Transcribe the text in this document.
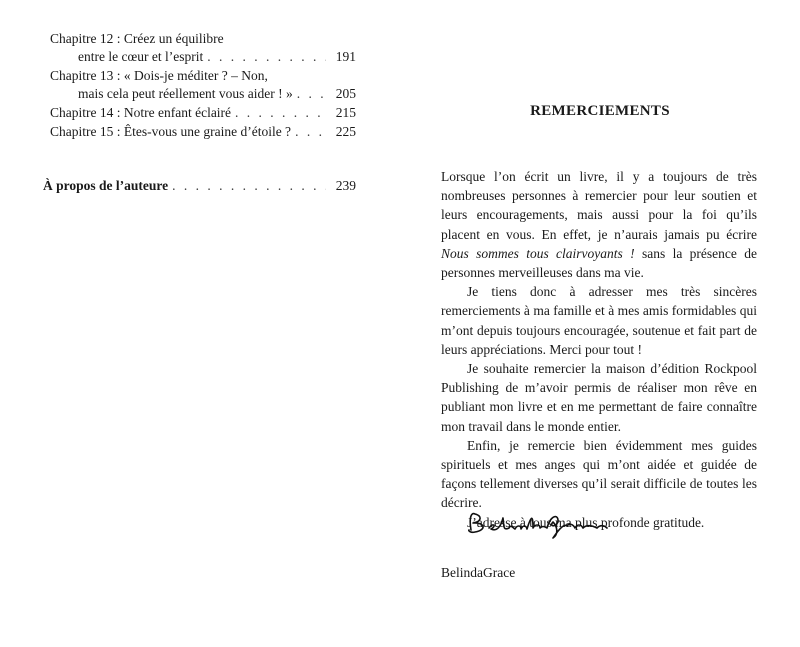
Chapitre 12 : Créez un équilibre
entre le cœur et l’esprit . . .	191
Chapitre 13 : « Dois-je méditer ? – Non,
mais cela peut réellement vous aider ! » . . .	205
Chapitre 14 : Notre enfant éclairé . . .	215
Chapitre 15 : Êtes-vous une graine d’étoile ? . . .	225
À propos de l’auteure . . .	239
REMERCIEMENTS

Lorsque l’on écrit un livre, il y a toujours de très nombreuses personnes à remercier pour leur soutien et leurs encouragements, mais aussi pour la foi qu’ils placent en vous. En effet, je n’aurais jamais pu écrire Nous sommes tous clairvoyants ! sans la présence de personnes merveilleuses dans ma vie.

Je tiens donc à adresser mes très sincères remerciements à ma famille et à mes amis formidables qui m’ont depuis toujours encouragée, soutenue et fait part de leurs appréciations. Merci pour tout !

Je souhaite remercier la maison d’édition Rockpool Publishing de m’avoir permis de réaliser mon rêve en publiant mon livre et en me permettant de faire connaître mon travail dans le monde entier.

Enfin, je remercie bien évidemment mes guides spirituels et mes anges qui m’ont aidée et guidée de façons tellement diverses qu’il serait difficile de toutes les décrire.

J’adresse à tous ma plus profonde gratitude.

BelindaGrace
